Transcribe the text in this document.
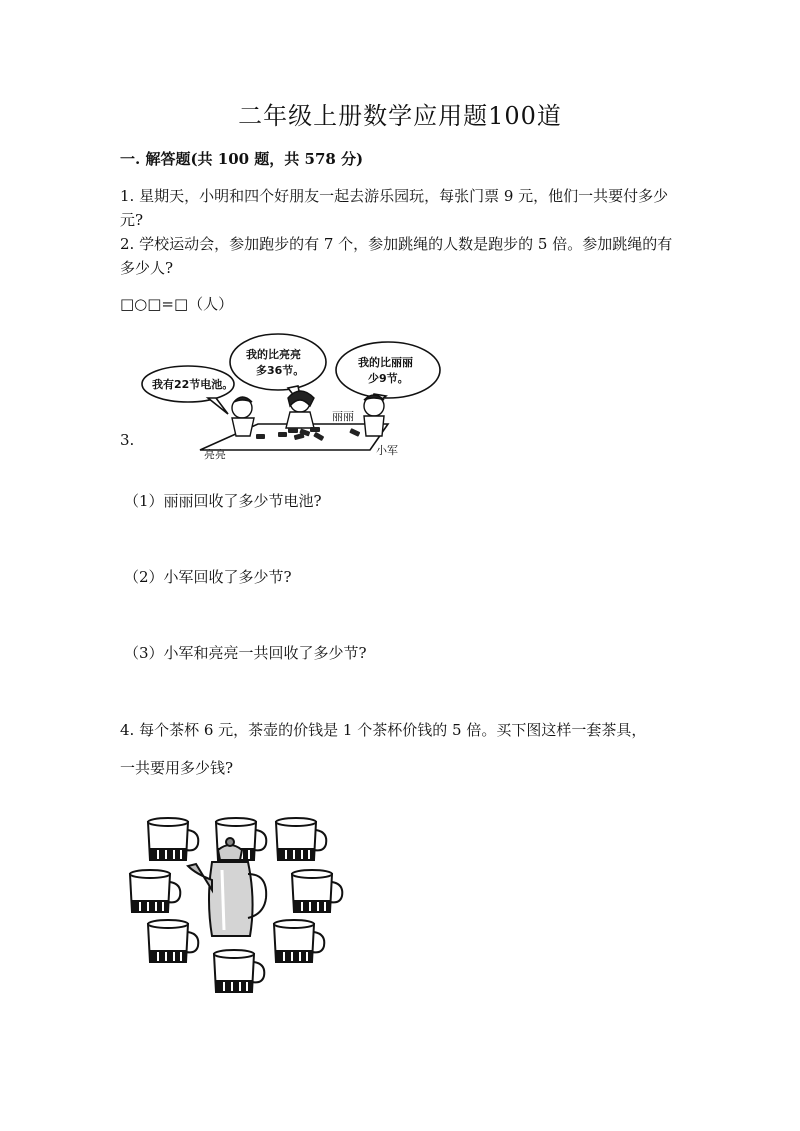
二年级上册数学应用题100道
一. 解答题(共 100 题，共 578 分)
1. 星期天，小明和四个好朋友一起去游乐园玩，每张门票 9 元，他们一共要付多少元?
2. 学校运动会，参加跑步的有 7 个，参加跳绳的人数是跑步的 5 倍。参加跳绳的有多少人?
□○□=□（人）
3.
我有22节电池。
我的比亮亮
多36节。
我的比丽丽
少9节。
丽丽
亮亮	小军
（1）丽丽回收了多少节电池?
（2）小军回收了多少节?
（3）小军和亮亮一共回收了多少节?
4. 每个茶杯 6 元，茶壶的价钱是 1 个茶杯价钱的 5 倍。买下图这样一套茶具，
一共要用多少钱?
